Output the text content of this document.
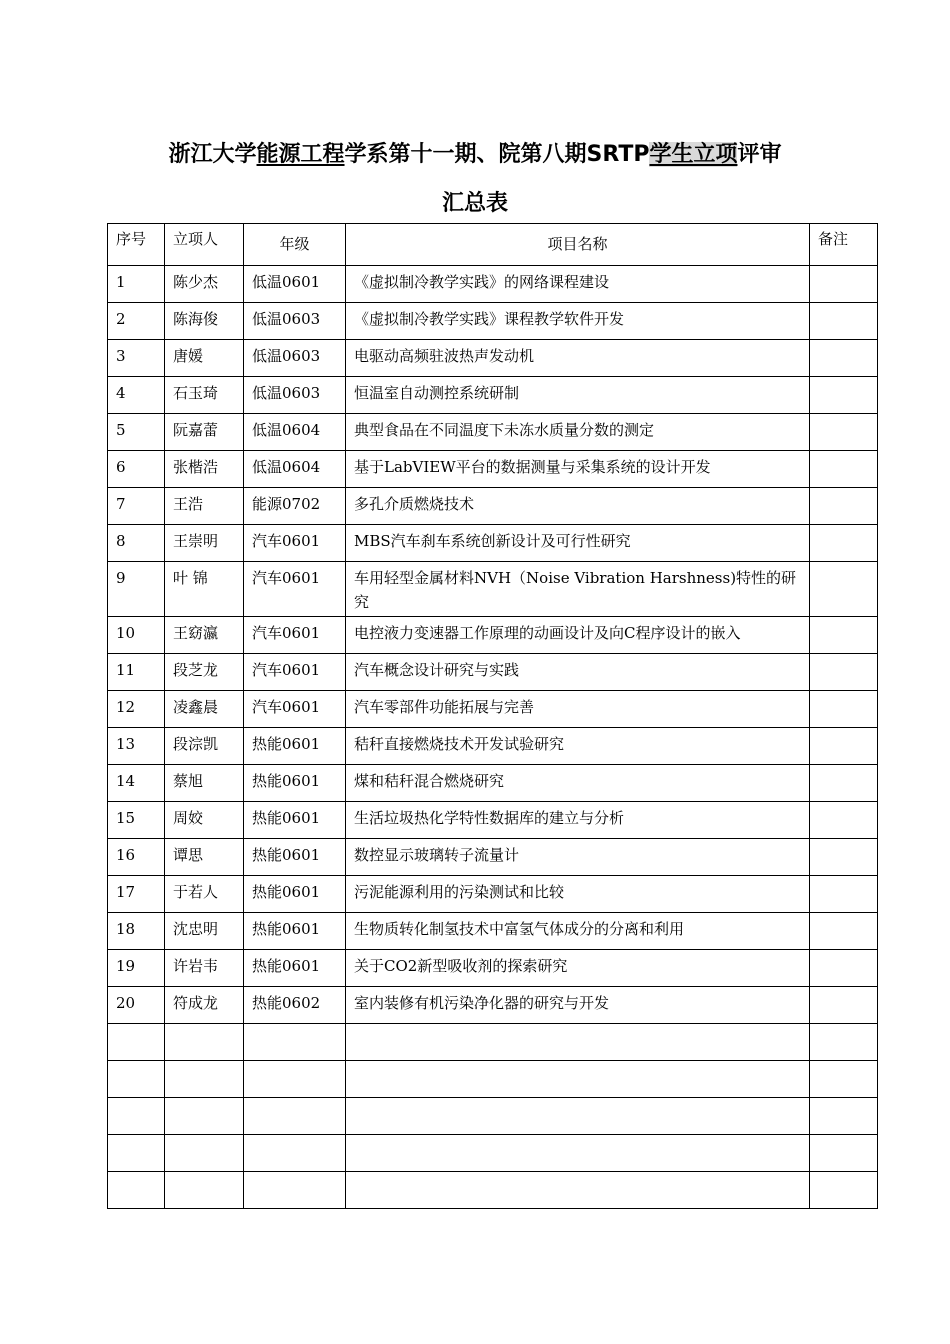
浙江大学能源工程学系第十一期、院第八期SRTP学生立项评审
汇总表
序号	立项人	年级	项目名称	备注
1	陈少杰	低温0601	《虚拟制冷教学实践》的网络课程建设	
2	陈海俊	低温0603	《虚拟制冷教学实践》课程教学软件开发	
3	唐媛	低温0603	电驱动高频驻波热声发动机	
4	石玉琦	低温0603	恒温室自动测控系统研制	
5	阮嘉蕾	低温0604	典型食品在不同温度下未冻水质量分数的测定	
6	张楷浩	低温0604	基于LabVIEW平台的数据测量与采集系统的设计开发	
7	王浩	能源0702	多孔介质燃烧技术	
8	王崇明	汽车0601	MBS汽车刹车系统创新设计及可行性研究	
9	叶 锦	汽车0601	车用轻型金属材料NVH（Noise Vibration Harshness)特性的研究	
10	王窈瀛	汽车0601	电控液力变速器工作原理的动画设计及向C程序设计的嵌入	
11	段芝龙	汽车0601	汽车概念设计研究与实践	
12	凌鑫晨	汽车0601	汽车零部件功能拓展与完善	
13	段淙凯	热能0601	秸秆直接燃烧技术开发试验研究	
14	蔡旭	热能0601	煤和秸秆混合燃烧研究	
15	周姣	热能0601	生活垃圾热化学特性数据库的建立与分析	
16	谭思	热能0601	数控显示玻璃转子流量计	
17	于若人	热能0601	污泥能源利用的污染测试和比较	
18	沈忠明	热能0601	生物质转化制氢技术中富氢气体成分的分离和利用	
19	许岩韦	热能0601	关于CO2新型吸收剂的探索研究	
20	符成龙	热能0602	室内装修有机污染净化器的研究与开发	
